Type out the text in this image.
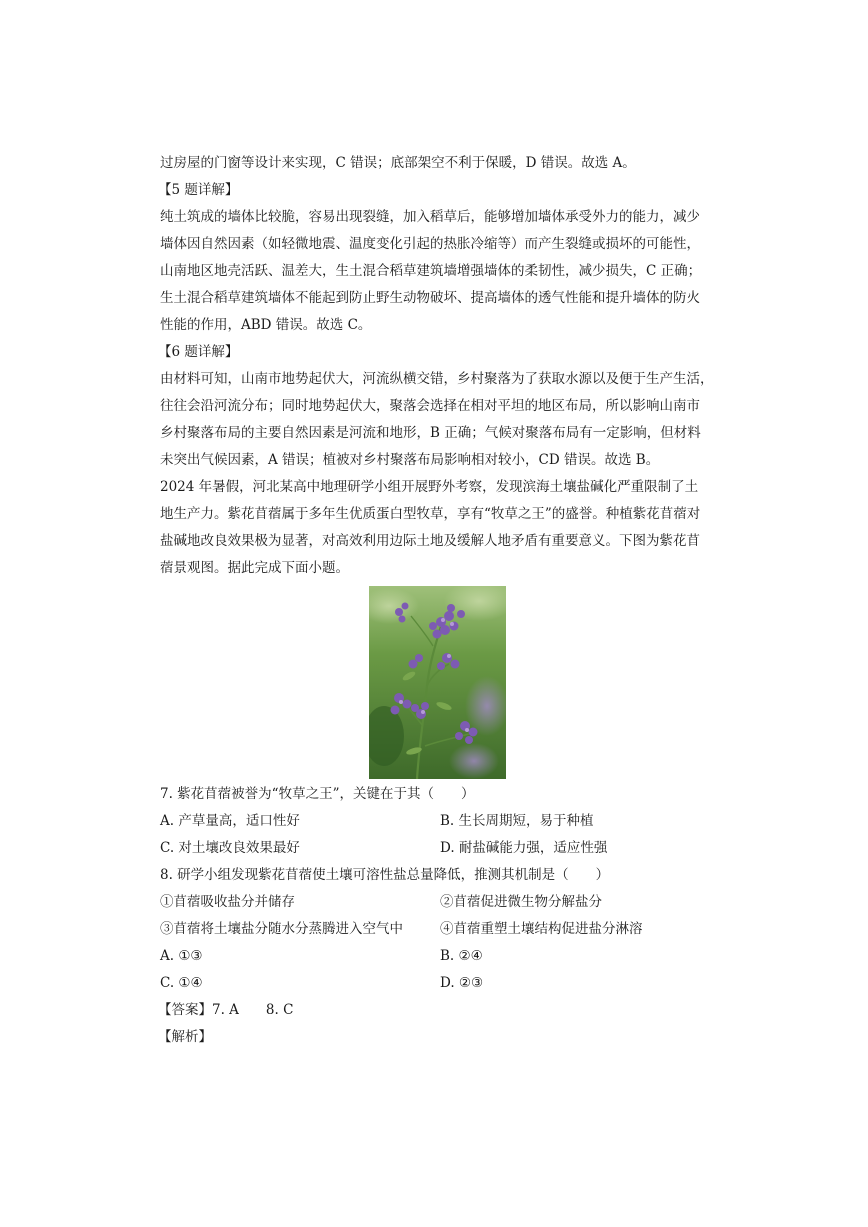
过房屋的门窗等设计来实现，C 错误；底部架空不利于保暖，D 错误。故选 A。

【5 题详解】

纯土筑成的墙体比较脆，容易出现裂缝，加入稻草后，能够增加墙体承受外力的能力，减少

墙体因自然因素（如轻微地震、温度变化引起的热胀冷缩等）而产生裂缝或损坏的可能性，

山南地区地壳活跃、温差大，生土混合稻草建筑墙增强墙体的柔韧性，减少损失，C 正确；

生土混合稻草建筑墙体不能起到防止野生动物破坏、提高墙体的透气性能和提升墙体的防火

性能的作用，ABD 错误。故选 C。

【6 题详解】

由材料可知，山南市地势起伏大，河流纵横交错，乡村聚落为了获取水源以及便于生产生活，

往往会沿河流分布；同时地势起伏大，聚落会选择在相对平坦的地区布局，所以影响山南市

乡村聚落布局的主要自然因素是河流和地形，B 正确；气候对聚落布局有一定影响，但材料

未突出气候因素，A 错误；植被对乡村聚落布局影响相对较小，CD 错误。故选 B。

2024 年暑假，河北某高中地理研学小组开展野外考察，发现滨海土壤盐碱化严重限制了土

地生产力。紫花苜蓿属于多年生优质蛋白型牧草，享有“牧草之王”的盛誉。种植紫花苜蓿对

盐碱地改良效果极为显著，对高效利用边际土地及缓解人地矛盾有重要意义。下图为紫花苜

蓿景观图。据此完成下面小题。

7. 紫花苜蓿被誉为“牧草之王”，关键在于其（　　）

A. 产草量高，适口性好	B. 生长周期短，易于种植
C. 对土壤改良效果最好	D. 耐盐碱能力强，适应性强

8. 研学小组发现紫花苜蓿使土壤可溶性盐总量降低，推测其机制是（　　）

①苜蓿吸收盐分并储存	②苜蓿促进微生物分解盐分
③苜蓿将土壤盐分随水分蒸腾进入空气中	④苜蓿重塑土壤结构促进盐分淋溶
A. ①③	B. ②④
C. ①④	D. ②③

【答案】7. A　　8. C

【解析】
